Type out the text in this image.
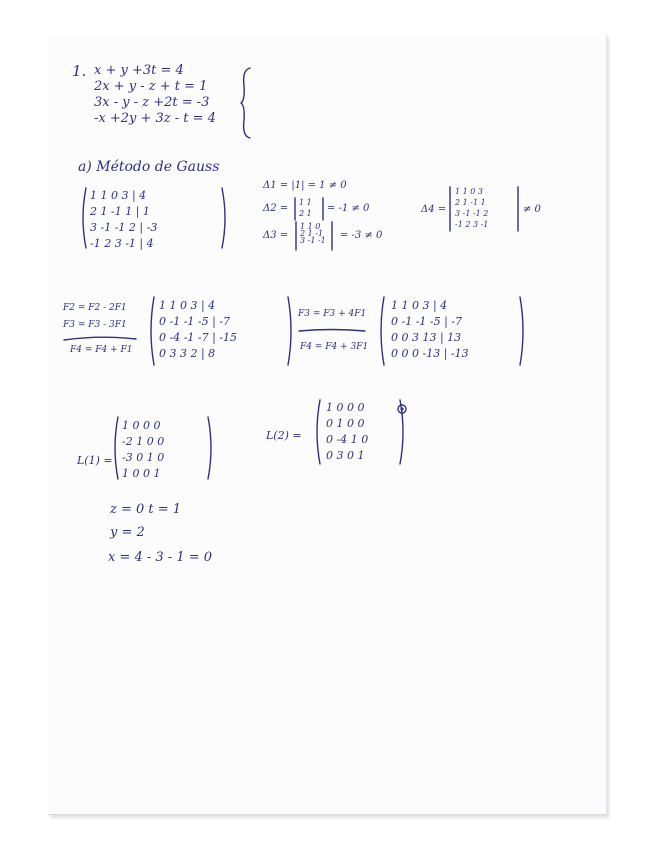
1. x + y +3t = 4
2x + y - z + t = 1
3x - y - z +2t = -3
-x +2y + 3z - t = 4
a) Método de Gauss
1 1 0 3 | 4
2 1 -1 1 | 1
3 -1 -1 2 | -3
-1 2 3 -1 | 4
Δ1 = |1| = 1 ≠ 0
Δ2 =
1 1
2 1 = -1 ≠ 0
Δ3 =
1 1 0
2 1 -1
3 -1 -1 = -3 ≠ 0
Δ4 =
1 1 0 3
2 1 -1 1
3 -1 -1 2
-1 2 3 -1
≠ 0
F2 = F2 - 2F1
F3 = F3 - 3F1
F4 = F4 + F1
1 1 0 3 | 4
0 -1 -1 -5 | -7
0 -4 -1 -7 | -15
0 3 3 2 | 8
F3 = F3 + 4F1
F4 = F4 + 3F1
1 1 0 3 | 4
0 -1 -1 -5 | -7
0 0 3 13 | 13
0 0 0 -13 | -13
L(1) =
1 0 0 0
-2 1 0 0
-3 0 1 0
1 0 0 1
L(2) =
1 0 0 0
0 1 0 0
0 -4 1 0
0 3 0 1
z = 0 t = 1
y = 2
x = 4 - 3 - 1 = 0
